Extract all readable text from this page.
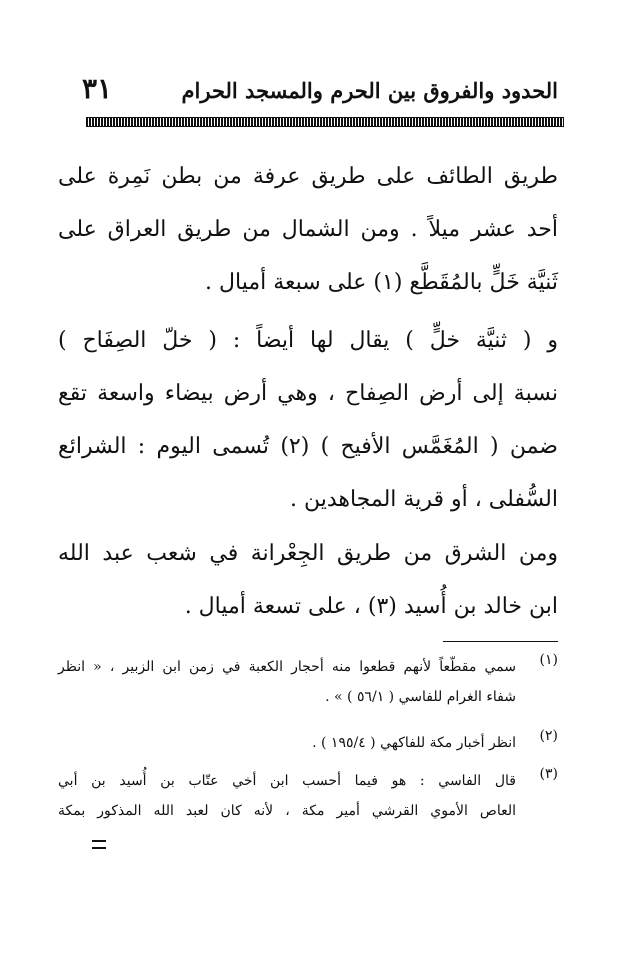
الحدود والفروق بين الحرم والمسجد الحرام
٣١
طريق الطائف على طريق عرفة من بطن نَمِرة على
أحد عشر ميلاً . ومن الشمال من طريق العراق على
ثَنيَّة خَلٍّ بالمُقَطَّع (١) على سبعة أميال .
و ( ثنيَّة خلٍّ ) يقال لها أيضاً : ( خلّ الصِفَاح )
نسبة إلى أرض الصِفاح ، وهي أرض بيضاء واسعة تقع
ضمن ( المُغَمَّس الأفيح ) (٢) تُسمى اليوم : الشرائع
السُّفلى ، أو قرية المجاهدين .
ومن الشرق من طريق الجِعْرانة في شعب عبد الله
ابن خالد بن أُسيد (٣) ، على تسعة أميال .
(١)
سمي مقطّعاً لأنهم قطعوا منه أحجار الكعبة في زمن ابن الزبير ، « انظر
شفاء الغرام للفاسي ( ٥٦/١ ) » .
(٢)
انظر أخبار مكة للفاكهي ( ١٩٥/٤ ) .
(٣)
قال الفاسي : هو فيما أحسب ابن أخي عتّاب بن أُسيد بن أبي
العاص الأموي القرشي أمير مكة ، لأنه كان لعبد الله المذكور بمكة
